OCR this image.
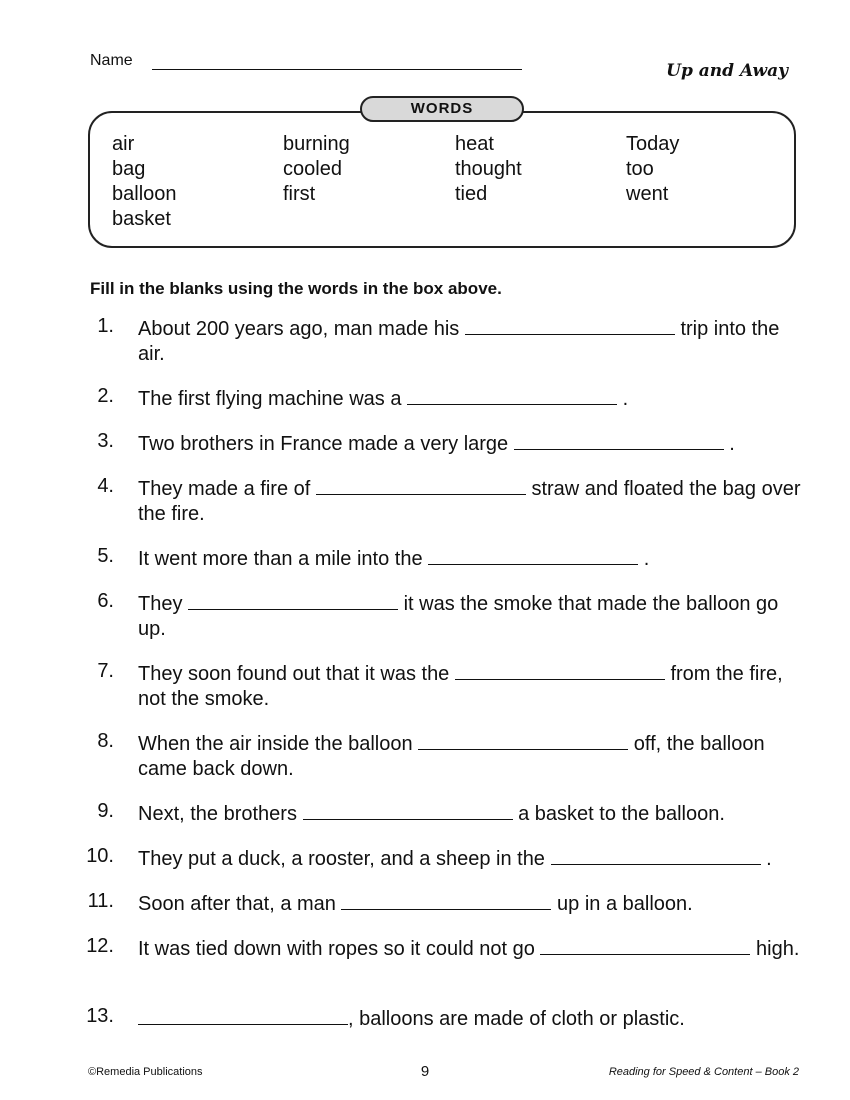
Name
Up and Away
WORDS
air
bag
balloon
basket
burning
cooled
first
heat
thought
tied
Today
too
went
Fill in the blanks using the words in the box above.
1. About 200 years ago, man made his	trip into the air.
2. The first flying machine was a	.
3. Two brothers in France made a very large	.
4. They made a fire of	straw and floated the bag over the fire.
5. It went more than a mile into the	.
6. They	it was the smoke that made the balloon go up.
7. They soon found out that it was the	from the fire, not the smoke.
8. When the air inside the balloon	off, the balloon came back down.
9. Next, the brothers	a basket to the balloon.
10. They put a duck, a rooster, and a sheep in the	.
11. Soon after that, a man	up in a balloon.
12. It was tied down with ropes so it could not go	high.
13.	, balloons are made of cloth or plastic.
©Remedia Publications	9	Reading for Speed & Content – Book 2
